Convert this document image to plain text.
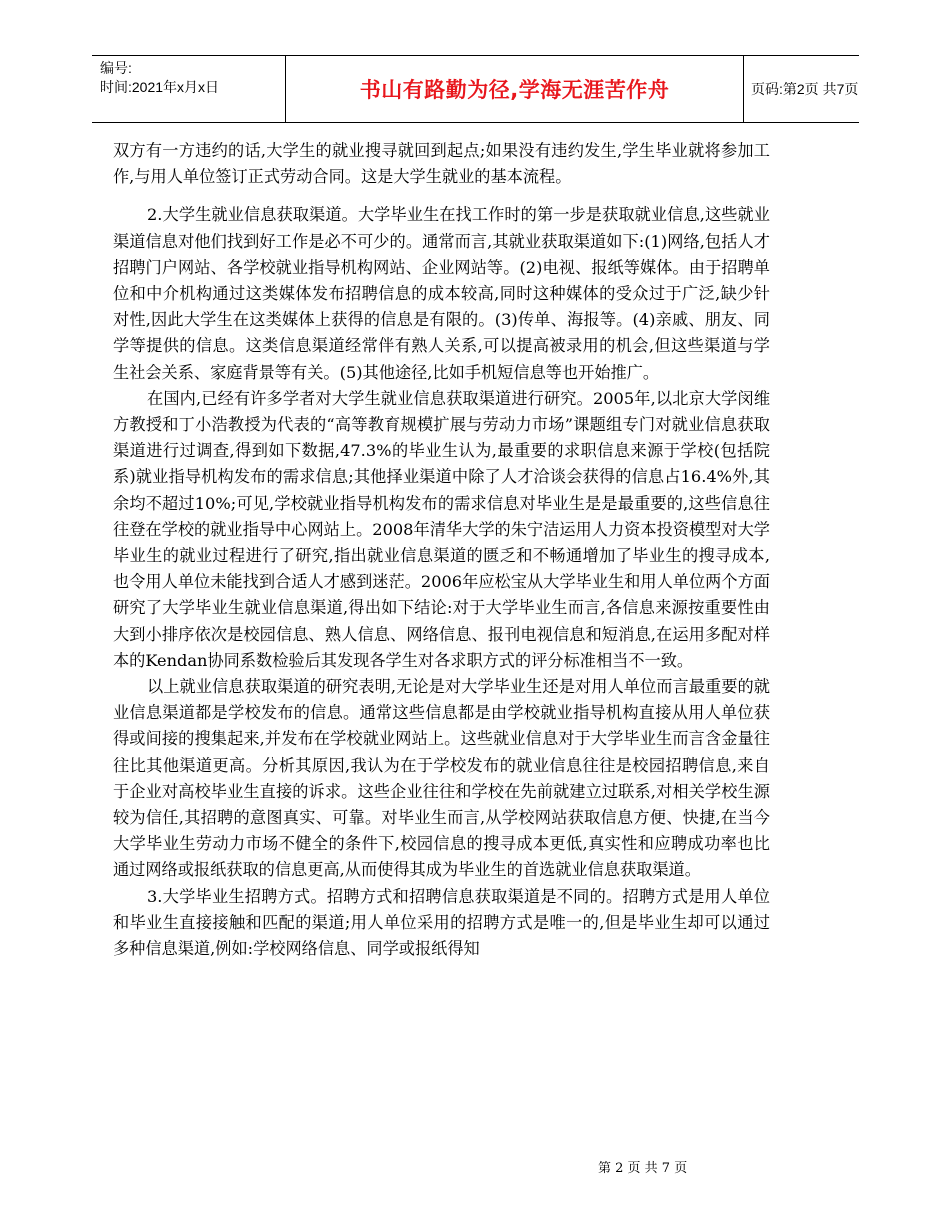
编号:
时间:2021年x月x日	书山有路勤为径,学海无涯苦作舟	页码:第2页 共7页

双方有一方违约的话,大学生的就业搜寻就回到起点;如果没有违约发生,学生毕业就将参加工作,与用人单位签订正式劳动合同。这是大学生就业的基本流程。

2.大学生就业信息获取渠道。大学毕业生在找工作时的第一步是获取就业信息,这些就业渠道信息对他们找到好工作是必不可少的。通常而言,其就业获取渠道如下:(1)网络,包括人才招聘门户网站、各学校就业指导机构网站、企业网站等。(2)电视、报纸等媒体。由于招聘单位和中介机构通过这类媒体发布招聘信息的成本较高,同时这种媒体的受众过于广泛,缺少针对性,因此大学生在这类媒体上获得的信息是有限的。(3)传单、海报等。(4)亲戚、朋友、同学等提供的信息。这类信息渠道经常伴有熟人关系,可以提高被录用的机会,但这些渠道与学生社会关系、家庭背景等有关。(5)其他途径,比如手机短信息等也开始推广。

在国内,已经有许多学者对大学生就业信息获取渠道进行研究。2005年,以北京大学闵维方教授和丁小浩教授为代表的“高等教育规模扩展与劳动力市场”课题组专门对就业信息获取渠道进行过调查,得到如下数据,47.3%的毕业生认为,最重要的求职信息来源于学校(包括院系)就业指导机构发布的需求信息;其他择业渠道中除了人才洽谈会获得的信息占16.4%外,其余均不超过10%;可见,学校就业指导机构发布的需求信息对毕业生是是最重要的,这些信息往往登在学校的就业指导中心网站上。2008年清华大学的朱宁洁运用人力资本投资模型对大学毕业生的就业过程进行了研究,指出就业信息渠道的匮乏和不畅通增加了毕业生的搜寻成本,也令用人单位未能找到合适人才感到迷茫。2006年应松宝从大学毕业生和用人单位两个方面研究了大学毕业生就业信息渠道,得出如下结论:对于大学毕业生而言,各信息来源按重要性由大到小排序依次是校园信息、熟人信息、网络信息、报刊电视信息和短消息,在运用多配对样本的Kendan协同系数检验后其发现各学生对各求职方式的评分标准相当不一致。

以上就业信息获取渠道的研究表明,无论是对大学毕业生还是对用人单位而言最重要的就业信息渠道都是学校发布的信息。通常这些信息都是由学校就业指导机构直接从用人单位获得或间接的搜集起来,并发布在学校就业网站上。这些就业信息对于大学毕业生而言含金量往往比其他渠道更高。分析其原因,我认为在于学校发布的就业信息往往是校园招聘信息,来自于企业对高校毕业生直接的诉求。这些企业往往和学校在先前就建立过联系,对相关学校生源较为信任,其招聘的意图真实、可靠。对毕业生而言,从学校网站获取信息方便、快捷,在当今大学毕业生劳动力市场不健全的条件下,校园信息的搜寻成本更低,真实性和应聘成功率也比通过网络或报纸获取的信息更高,从而使得其成为毕业生的首选就业信息获取渠道。

3.大学毕业生招聘方式。招聘方式和招聘信息获取渠道是不同的。招聘方式是用人单位和毕业生直接接触和匹配的渠道;用人单位采用的招聘方式是唯一的,但是毕业生却可以通过多种信息渠道,例如:学校网络信息、同学或报纸得知

第 2 页 共 7 页
